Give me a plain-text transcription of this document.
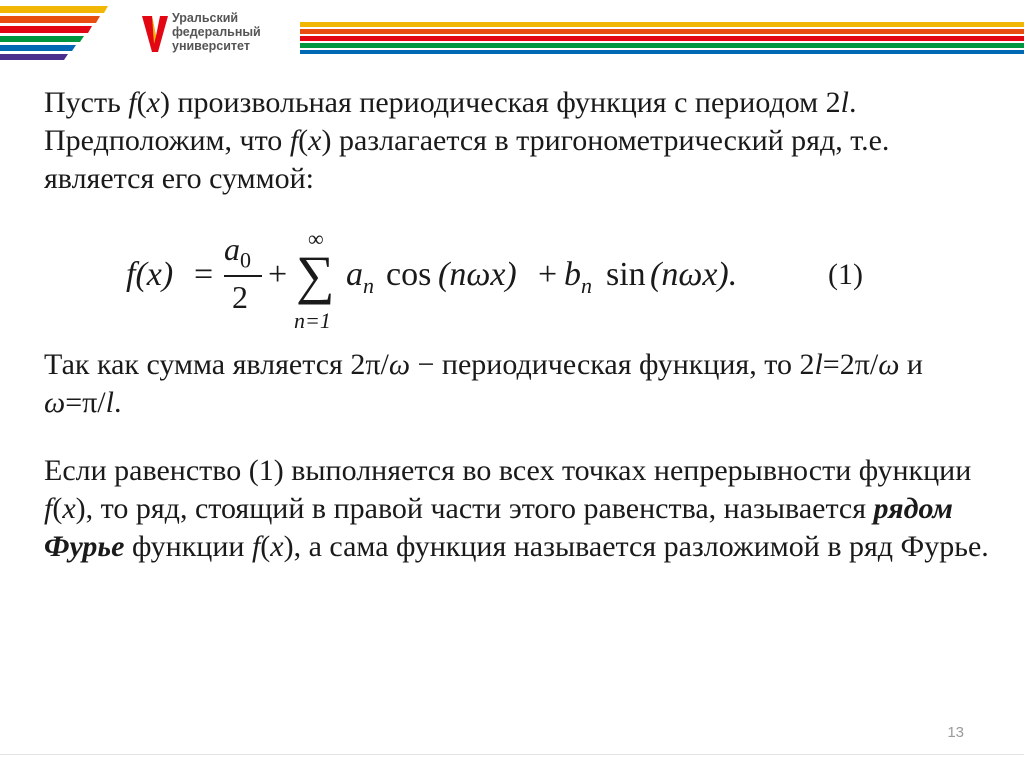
Уральский
федеральный
университет
Пусть f(x) произвольная периодическая функция с периодом 2l. Предположим, что f(x) разлагается в тригонометрический ряд, т.е. является его суммой:
f(x) =
$a_0$
2
+
∞
∑
n=1
$a_n$ $\cos (n\omega x) + b_n$ sin (nωx).	(1)
Так как сумма является 2π/ω − периодическая функция, то 2l=2π/ω и ω=π/l.
Если равенство (1) выполняется во всех точках непрерывности функции f(x), то ряд, стоящий в правой части этого равенства, называется рядом Фурье функции f(x), а сама функция называется разложимой в ряд Фурье.
13
